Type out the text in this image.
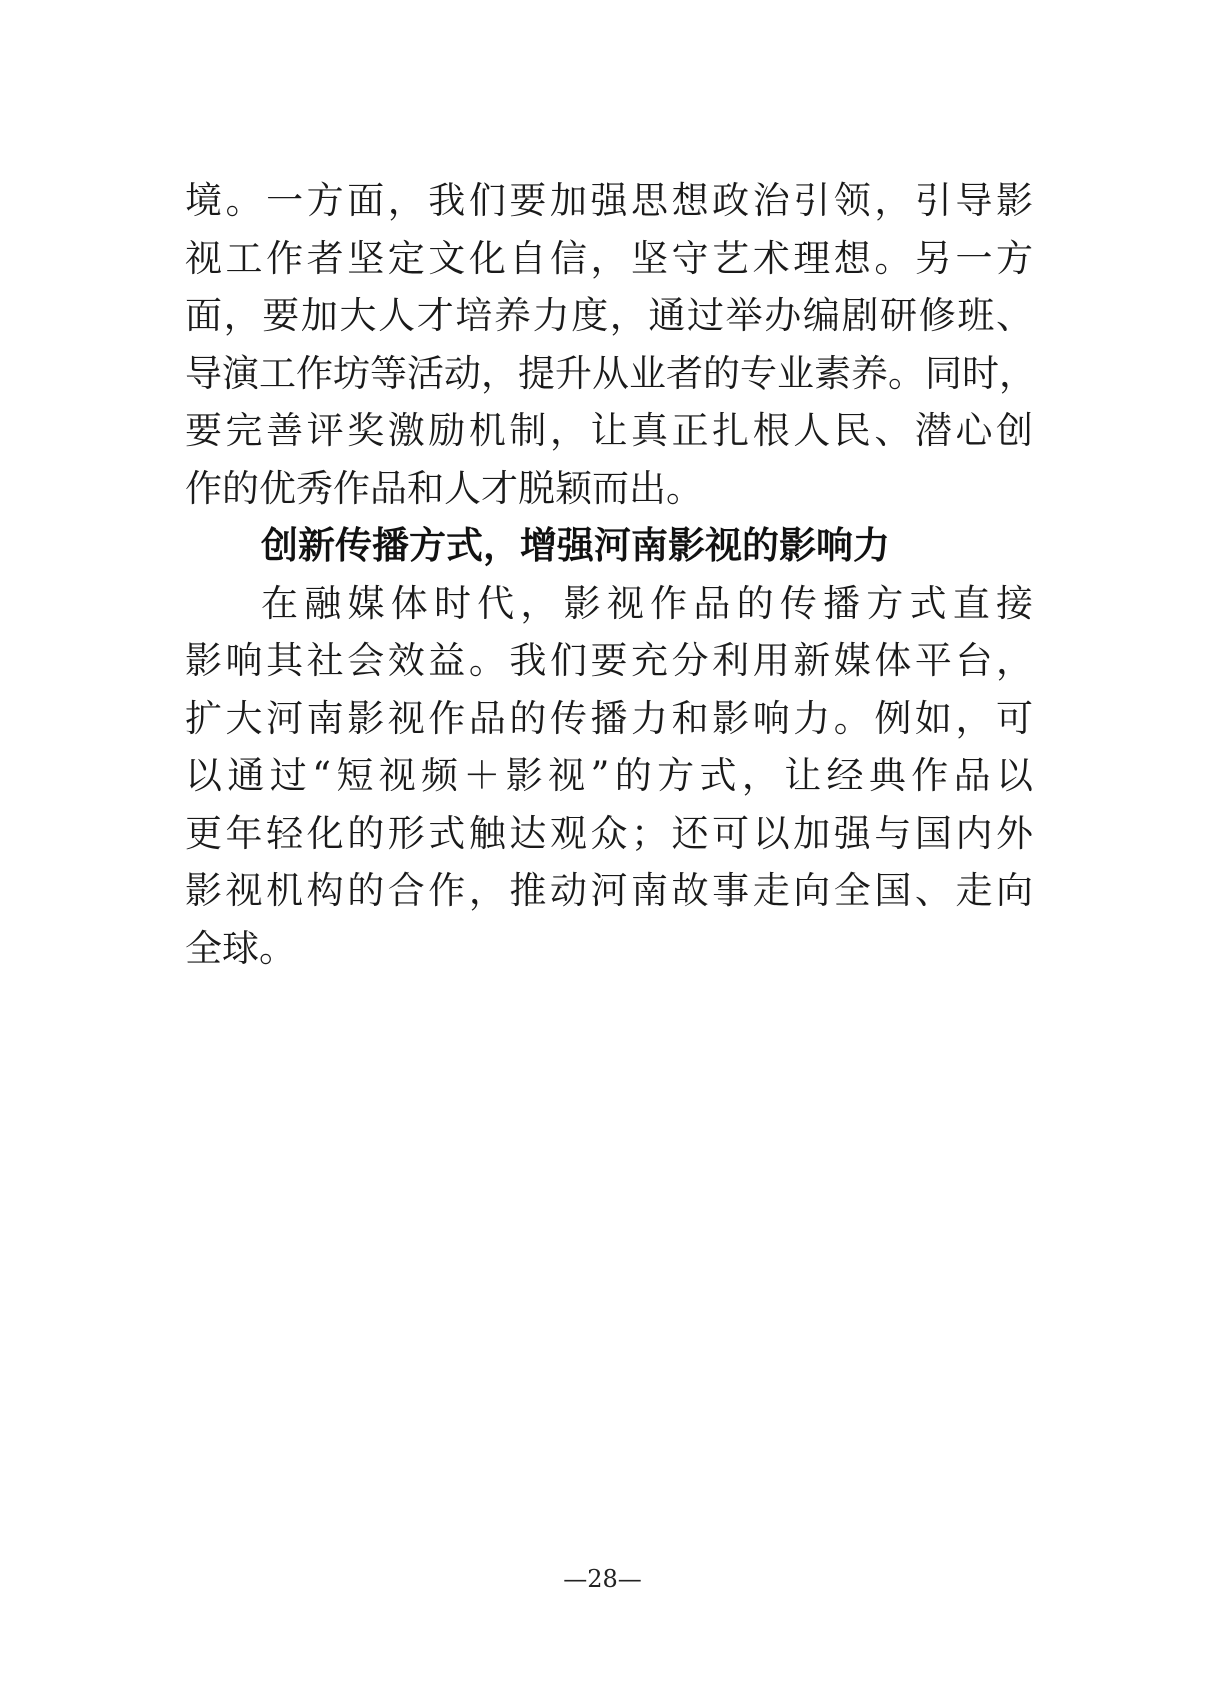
境。一方面，我们要加强思想政治引领，引导影
视工作者坚定文化自信，坚守艺术理想。另一方
面，要加大人才培养力度，通过举办编剧研修班、
导演工作坊等活动，提升从业者的专业素养。同时，
要完善评奖激励机制，让真正扎根人民、潜心创
作的优秀作品和人才脱颖而出。
创新传播方式，增强河南影视的影响力
在融媒体时代，影视作品的传播方式直接
影响其社会效益。我们要充分利用新媒体平台，
扩大河南影视作品的传播力和影响力。例如，可
以通过“短视频＋影视”的方式，让经典作品以
更年轻化的形式触达观众；还可以加强与国内外
影视机构的合作，推动河南故事走向全国、走向
全球。
—28—
